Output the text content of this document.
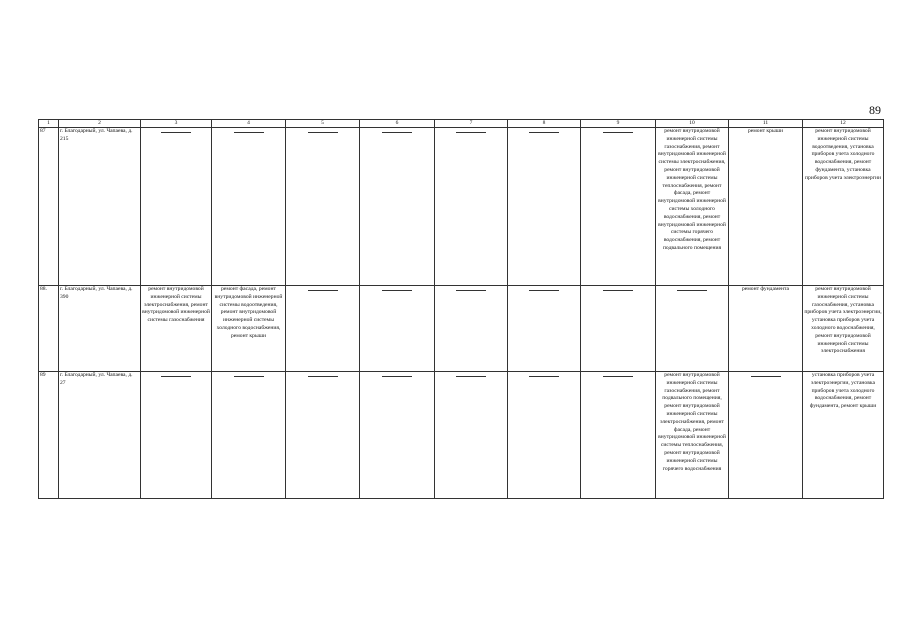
89
1	2	3	4	5	6	7	8	9	10	11	12
87	г. Благодарный, ул. Чапаева, д. 215								ремонт внутридомовой инженерной системы газоснабжения, ремонт внутридомовой инженерной системы электроснабжения, ремонт внутридомовой инженерной системы теплоснабжения, ремонт фасада, ремонт внутридомовой инженерной системы холодного водоснабжения, ремонт внутридомовой инженерной системы горячего водоснабжения, ремонт подвального помещения	ремонт крыши	ремонт внутридомовой инженерной системы водоотведения, установка приборов учета холодного водоснабжения, ремонт фундамента, установка приборов учета электроэнергии
88.	г. Благодарный, ул. Чапаева, д. 390	ремонт внутридомовой инженерной системы электроснабжения, ремонт внутридомовой инженерной системы газоснабжения	ремонт фасада, ремонт внутридомовой инженерной системы водоотведения, ремонт внутридомовой инженерной системы холодного водоснабжения, ремонт крыши							ремонт фундамента	ремонт внутридомовой инженерной системы газоснабжения, установка приборов учета электроэнергии, установка приборов учета холодного водоснабжения, ремонт внутридомовой инженерной системы электроснабжения
89	г. Благодарный, ул. Чапаева, д. 27								ремонт внутридомовой инженерной системы газоснабжения, ремонт подвального помещения, ремонт внутридомовой инженерной системы электроснабжения, ремонт фасада, ремонт внутридомовой инженерной системы теплоснабжения, ремонт внутридомовой инженерной системы горячего водоснабжения		установка приборов учета электроэнергии, установка приборов учета холодного водоснабжения, ремонт фундамента, ремонт крыши
